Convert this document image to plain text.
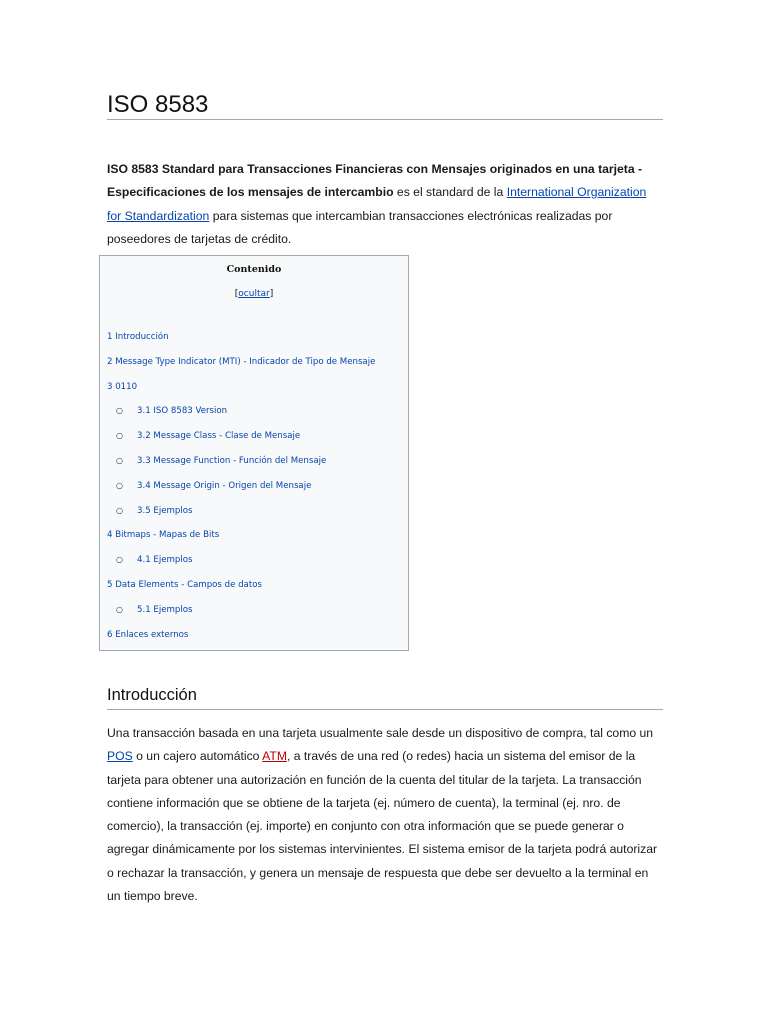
ISO 8583

ISO 8583 Standard para Transacciones Financieras con Mensajes originados en una tarjeta - Especificaciones de los mensajes de intercambio es el standard de la International Organization for Standardization para sistemas que intercambian transacciones electrónicas realizadas por poseedores de tarjetas de crédito.

Introducción

Una transacción basada en una tarjeta usualmente sale desde un dispositivo de compra, tal como un POS o un cajero automático ATM, a través de una red (o redes) hacia un sistema del emisor de la tarjeta para obtener una autorización en función de la cuenta del titular de la tarjeta. La transacción contiene información que se obtiene de la tarjeta (ej. número de cuenta), la terminal (ej. nro. de comercio), la transacción (ej. importe) en conjunto con otra información que se puede generar o agregar dinámicamente por los sistemas intervinientes. El sistema emisor de la tarjeta podrá autorizar o rechazar la transacción, y genera un mensaje de respuesta que debe ser devuelto a la terminal en un tiempo breve.

Contenido
[ocultar]
1 Introducción
2 Message Type Indicator (MTI) - Indicador de Tipo de Mensaje
3 0110
○ 3.1 ISO 8583 Version
○ 3.2 Message Class - Clase de Mensaje
○ 3.3 Message Function - Función del Mensaje
○ 3.4 Message Origin - Origen del Mensaje
○ 3.5 Ejemplos
4 Bitmaps - Mapas de Bits
○ 4.1 Ejemplos
5 Data Elements - Campos de datos
○ 5.1 Ejemplos
6 Enlaces externos
